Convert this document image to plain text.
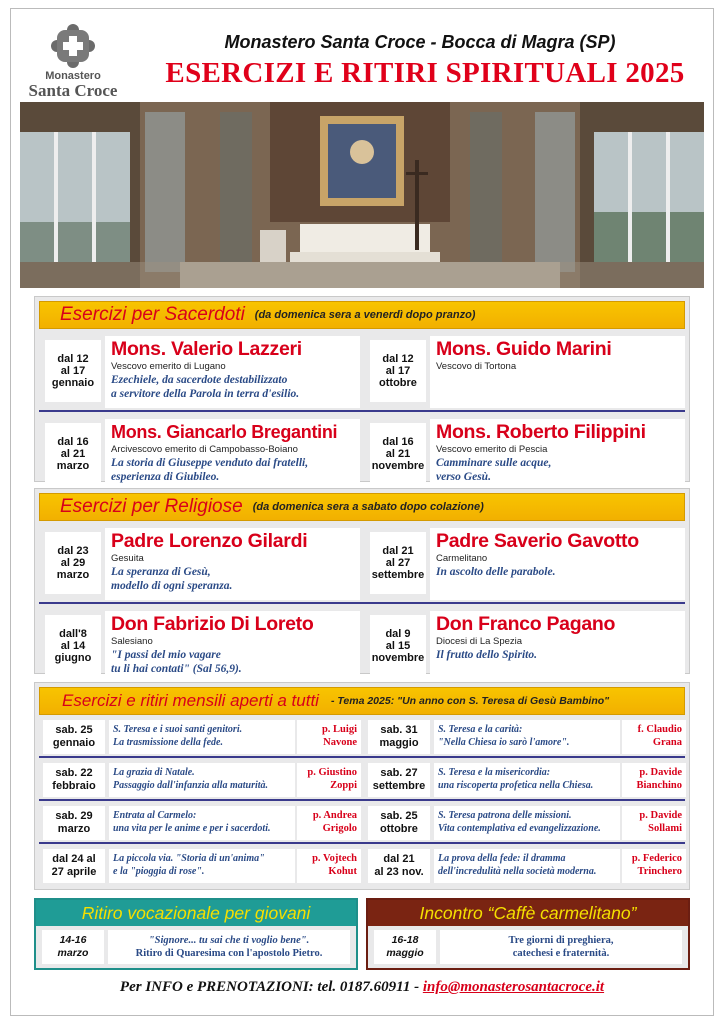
Monastero
Santa Croce
Monastero Santa Croce - Bocca di Magra (SP)
ESERCIZI E RITIRI SPIRITUALI 2025
Esercizi per Sacerdoti (da domenica sera a venerdì dopo pranzo)
dal 12
al 17
gennaio
Mons. Valerio Lazzeri
Vescovo emerito di Lugano
Ezechiele, da sacerdote destabilizzato
a servitore della Parola in terra d'esilio.
dal 12
al 17
ottobre
Mons. Guido Marini
Vescovo di Tortona
dal 16
al 21
marzo
Mons. Giancarlo Bregantini
Arcivescovo emerito di Campobasso-Boiano
La storia di Giuseppe venduto dai fratelli,
esperienza di Giubileo.
dal 16
al 21
novembre
Mons. Roberto Filippini
Vescovo emerito di Pescia
Camminare sulle acque,
verso Gesù.
Esercizi per Religiose (da domenica sera a sabato dopo colazione)
dal 23
al 29
marzo
Padre Lorenzo Gilardi
Gesuita
La speranza di Gesù,
modello di ogni speranza.
dal 21
al 27
settembre
Padre Saverio Gavotto
Carmelitano
In ascolto delle parabole.
dall'8
al 14
giugno
Don Fabrizio Di Loreto
Salesiano
"I passi del mio vagare
tu li hai contati" (Sal 56,9).
dal 9
al 15
novembre
Don Franco Pagano
Diocesi di La Spezia
Il frutto dello Spirito.
Esercizi e ritiri mensili aperti a tutti - Tema 2025: "Un anno con S. Teresa di Gesù Bambino"
sab. 25
gennaio
S. Teresa e i suoi santi genitori.
La trasmissione della fede.
p. Luigi
Navone
sab. 31
maggio
S. Teresa e la carità:
"Nella Chiesa io sarò l'amore".
f. Claudio
Grana
sab. 22
febbraio
La grazia di Natale.
Passaggio dall'infanzia alla maturità.
p. Giustino
Zoppi
sab. 27
settembre
S. Teresa e la misericordia:
una riscoperta profetica nella Chiesa.
p. Davide
Bianchino
sab. 29
marzo
Entrata al Carmelo:
una vita per le anime e per i sacerdoti.
p. Andrea
Grigolo
sab. 25
ottobre
S. Teresa patrona delle missioni.
Vita contemplativa ed evangelizzazione.
p. Davide
Sollami
dal 24 al
27 aprile
La piccola via. "Storia di un'anima"
e la "pioggia di rose".
p. Vojtech
Kohut
dal 21
al 23 nov.
La prova della fede: il dramma
dell'incredulità nella società moderna.
p. Federico
Trinchero
Ritiro vocazionale per giovani
14-16
marzo
"Signore... tu sai che ti voglio bene".
Ritiro di Quaresima con l'apostolo Pietro.
Incontro “Caffè carmelitano”
16-18
maggio
Tre giorni di preghiera,
catechesi e fraternità.
Per INFO e PRENOTAZIONI: tel. 0187.60911 - info@monasterosantacroce.it
